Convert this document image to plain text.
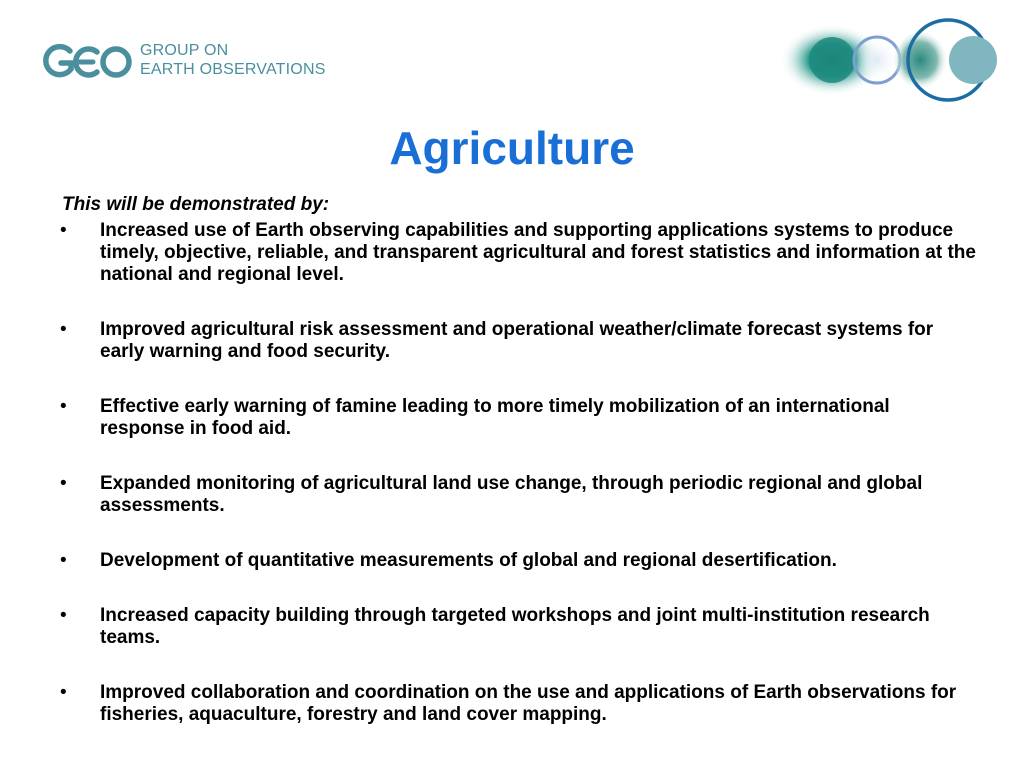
GROUP ON
EARTH OBSERVATIONS
Agriculture
This will be demonstrated by:
• Increased use of Earth observing capabilities and supporting applications systems to produce timely, objective, reliable, and transparent agricultural and forest statistics and information at the national and regional level.
• Improved agricultural risk assessment and operational weather/climate forecast systems for early warning and food security.
• Effective early warning of famine leading to more timely mobilization of an international response in food aid.
• Expanded monitoring of agricultural land use change, through periodic regional and global assessments.
• Development of quantitative measurements of global and regional desertification.
• Increased capacity building through targeted workshops and joint multi-institution research teams.
• Improved collaboration and coordination on the use and applications of Earth observations for fisheries, aquaculture, forestry and land cover mapping.
